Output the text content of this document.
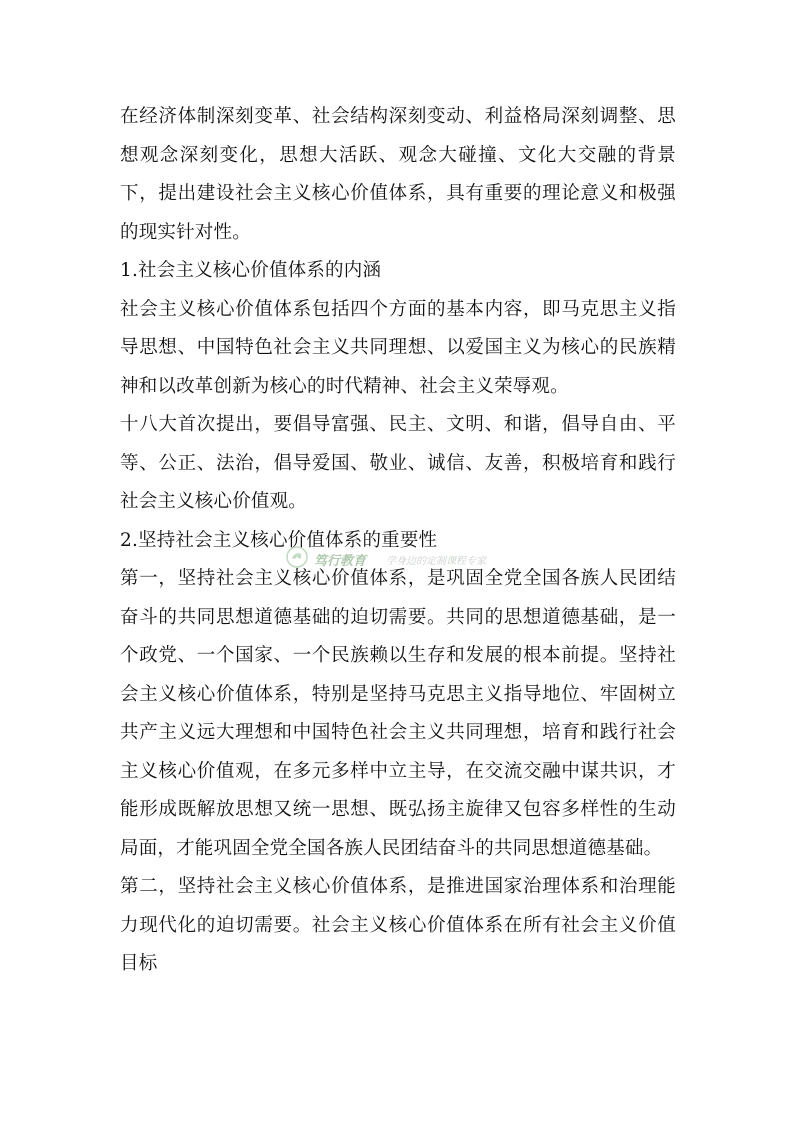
在经济体制深刻变革、社会结构深刻变动、利益格局深刻调整、思想观念深刻变化，思想大活跃、观念大碰撞、文化大交融的背景下，提出建设社会主义核心价值体系，具有重要的理论意义和极强的现实针对性。

1.社会主义核心价值体系的内涵

社会主义核心价值体系包括四个方面的基本内容，即马克思主义指导思想、中国特色社会主义共同理想、以爱国主义为核心的民族精神和以改革创新为核心的时代精神、社会主义荣辱观。

十八大首次提出，要倡导富强、民主、文明、和谐，倡导自由、平等、公正、法治，倡导爱国、敬业、诚信、友善，积极培育和践行社会主义核心价值观。

2.坚持社会主义核心价值体系的重要性

第一，坚持社会主义核心价值体系，是巩固全党全国各族人民团结奋斗的共同思想道德基础的迫切需要。共同的思想道德基础，是一个政党、一个国家、一个民族赖以生存和发展的根本前提。坚持社会主义核心价值体系，特别是坚持马克思主义指导地位、牢固树立共产主义远大理想和中国特色社会主义共同理想，培育和践行社会主义核心价值观，在多元多样中立主导，在交流交融中谋共识，才能形成既解放思想又统一思想、既弘扬主旋律又包容多样性的生动局面，才能巩固全党全国各族人民团结奋斗的共同思想道德基础。

第二，坚持社会主义核心价值体系，是推进国家治理体系和治理能力现代化的迫切需要。社会主义核心价值体系在所有社会主义价值目标

笃行教育 学身边的定制课程专家
